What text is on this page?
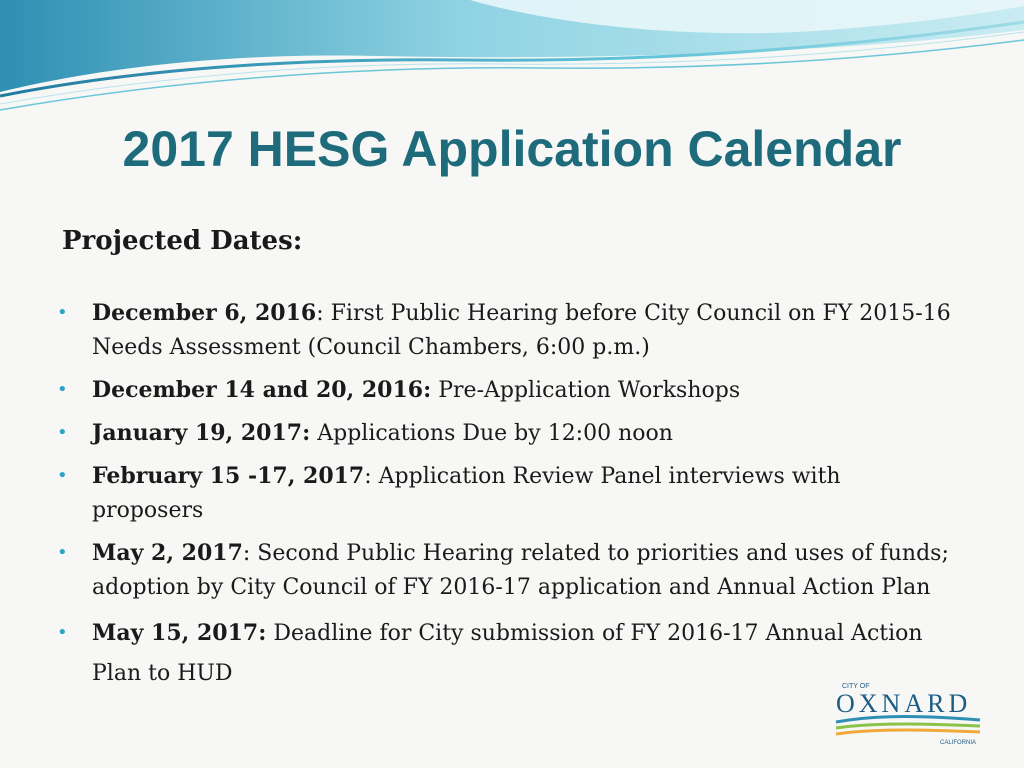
2017 HESG Application Calendar
Projected Dates:
• December 6, 2016: First Public Hearing before City Council on FY 2015-16 Needs Assessment (Council Chambers, 6:00 p.m.)
• December 14 and 20, 2016: Pre-Application Workshops
• January 19, 2017: Applications Due by 12:00 noon
• February 15 -17, 2017: Application Review Panel interviews with proposers
• May 2, 2017: Second Public Hearing related to priorities and uses of funds; adoption by City Council of FY 2016-17 application and Annual Action Plan
• May 15, 2017: Deadline for City submission of FY 2016-17 Annual Action Plan to HUD
CITY OF
OXNARD
CALIFORNIA
